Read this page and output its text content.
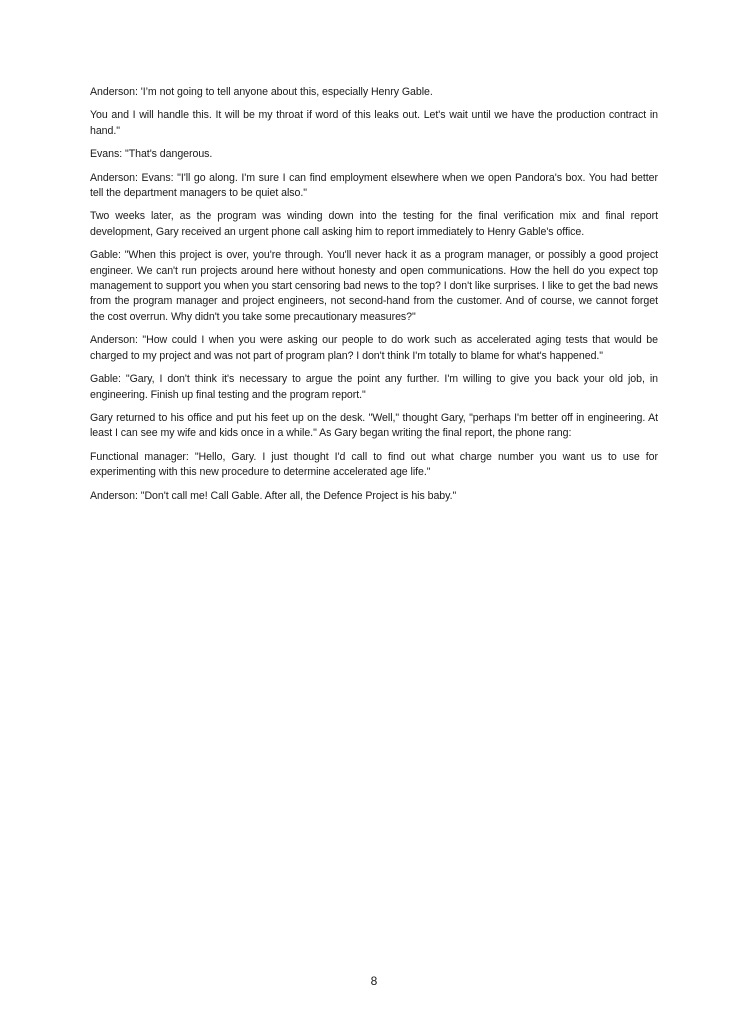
Anderson: 'I’m not going to tell anyone about this, especially Henry Gable.

You and I will handle this. It will be my throat if word of this leaks out. Let's wait until we have the production contract in hand."

Evans: "That's dangerous.

Anderson: Evans: "I'll go along. I'm sure I can find employment elsewhere when we open Pandora's box. You had better tell the department managers to be quiet also."

Two weeks later, as the program was winding down into the testing for the final verification mix and final report development, Gary received an urgent phone call asking him to report immediately to Henry Gable's office.

Gable: "When this project is over, you're through. You'll never hack it as a program manager, or possibly a good project engineer. We can't run projects around here without honesty and open communications. How the hell do you expect top management to support you when you start censoring bad news to the top? I don't like surprises. I like to get the bad news from the program manager and project engineers, not second-hand from the customer. And of course, we cannot forget the cost overrun. Why didn't you take some precautionary measures?"

Anderson: "How could I when you were asking our people to do work such as accelerated aging tests that would be charged to my project and was not part of program plan? I don't think I'm totally to blame for what's happened."

Gable: "Gary, I don't think it's necessary to argue the point any further. I'm willing to give you back your old job, in engineering. Finish up final testing and the program report."

Gary returned to his office and put his feet up on the desk. "Well," thought Gary, "perhaps I'm better off in engineering. At least I can see my wife and kids once in a while." As Gary began writing the final report, the phone rang:

Functional manager: "Hello, Gary. I just thought I'd call to find out what charge number you want us to use for experimenting with this new procedure to determine accelerated age life."

Anderson: "Don't call me! Call Gable. After all, the Defence Project is his baby."

8
